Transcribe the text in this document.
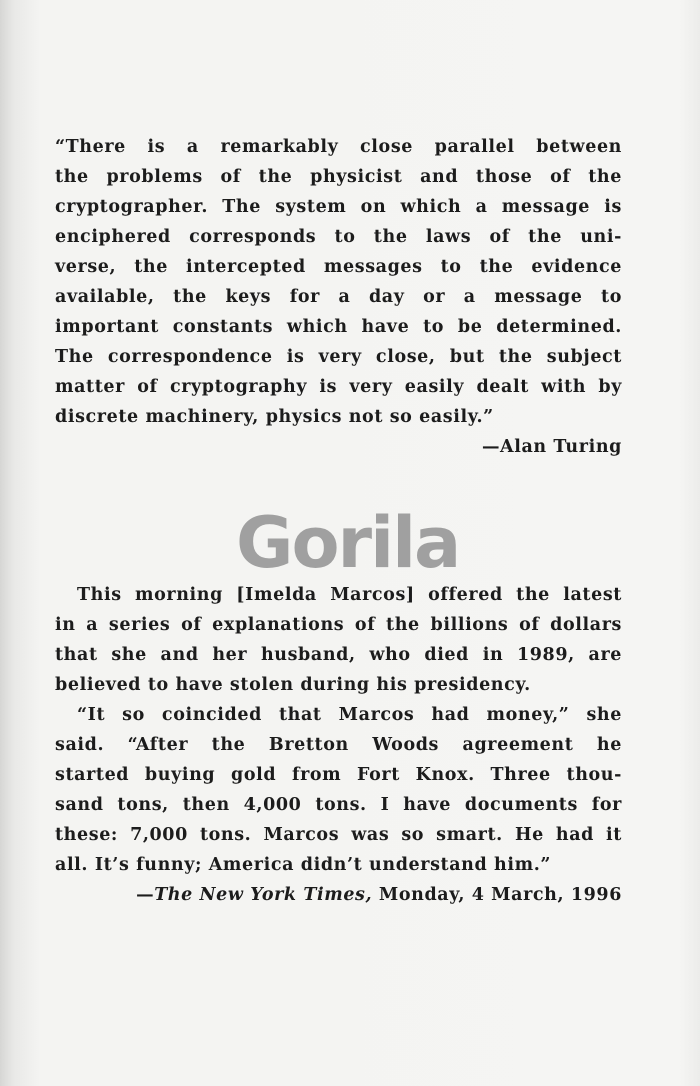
“There is a remarkably close parallel between
the problems of the physicist and those of the
cryptographer. The system on which a message is
enciphered corresponds to the laws of the uni-
verse, the intercepted messages to the evidence
available, the keys for a day or a message to
important constants which have to be determined.
The correspondence is very close, but the subject
matter of cryptography is very easily dealt with by
discrete machinery, physics not so easily.”
—Alan Turing
Gorila
This morning [Imelda Marcos] offered the latest
in a series of explanations of the billions of dollars
that she and her husband, who died in 1989, are
believed to have stolen during his presidency.
“It so coincided that Marcos had money,” she
said. “After the Bretton Woods agreement he
started buying gold from Fort Knox. Three thou-
sand tons, then 4,000 tons. I have documents for
these: 7,000 tons. Marcos was so smart. He had it
all. It’s funny; America didn’t understand him.”
—The New York Times, Monday, 4 March, 1996
